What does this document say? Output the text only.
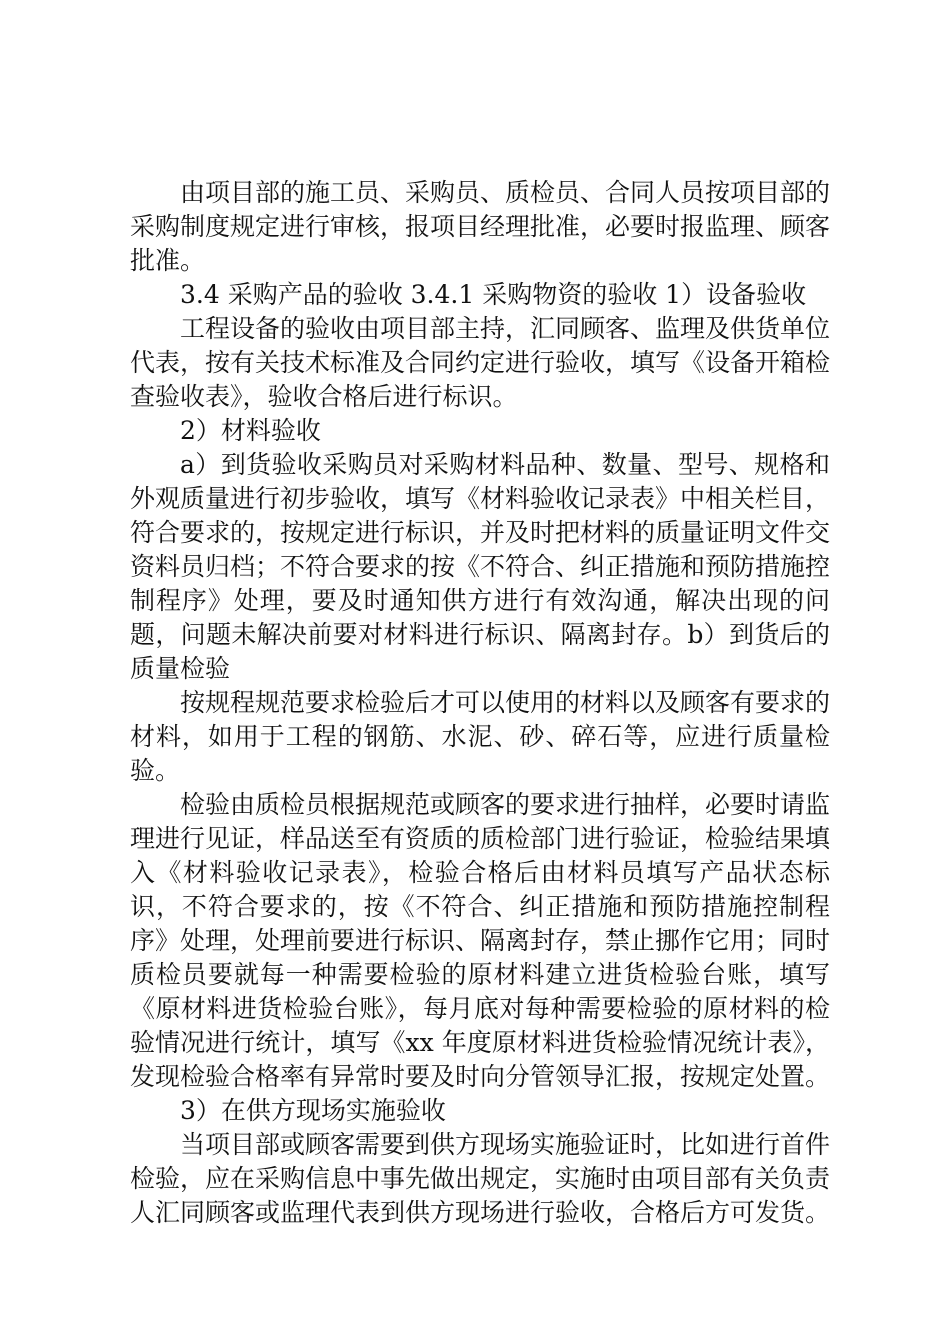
由项目部的施工员、采购员、质检员、合同人员按项目部的采购制度规定进行审核，报项目经理批准，必要时报监理、顾客批准。

3.4 采购产品的验收 3.4.1 采购物资的验收 1）设备验收

工程设备的验收由项目部主持，汇同顾客、监理及供货单位代表，按有关技术标准及合同约定进行验收，填写《设备开箱检查验收表》，验收合格后进行标识。

2）材料验收

a）到货验收采购员对采购材料品种、数量、型号、规格和外观质量进行初步验收，填写《材料验收记录表》中相关栏目，符合要求的，按规定进行标识，并及时把材料的质量证明文件交资料员归档；不符合要求的按《不符合、纠正措施和预防措施控制程序》处理，要及时通知供方进行有效沟通，解决出现的问题，问题未解决前要对材料进行标识、隔离封存。b）到货后的质量检验

按规程规范要求检验后才可以使用的材料以及顾客有要求的材料，如用于工程的钢筋、水泥、砂、碎石等，应进行质量检验。

检验由质检员根据规范或顾客的要求进行抽样，必要时请监理进行见证，样品送至有资质的质检部门进行验证，检验结果填入《材料验收记录表》，检验合格后由材料员填写产品状态标识，不符合要求的，按《不符合、纠正措施和预防措施控制程序》处理，处理前要进行标识、隔离封存，禁止挪作它用；同时质检员要就每一种需要检验的原材料建立进货检验台账，填写《原材料进货检验台账》，每月底对每种需要检验的原材料的检验情况进行统计，填写《xx 年度原材料进货检验情况统计表》，发现检验合格率有异常时要及时向分管领导汇报，按规定处置。

3）在供方现场实施验收

当项目部或顾客需要到供方现场实施验证时，比如进行首件检验，应在采购信息中事先做出规定，实施时由项目部有关负责人汇同顾客或监理代表到供方现场进行验收，合格后方可发货。
